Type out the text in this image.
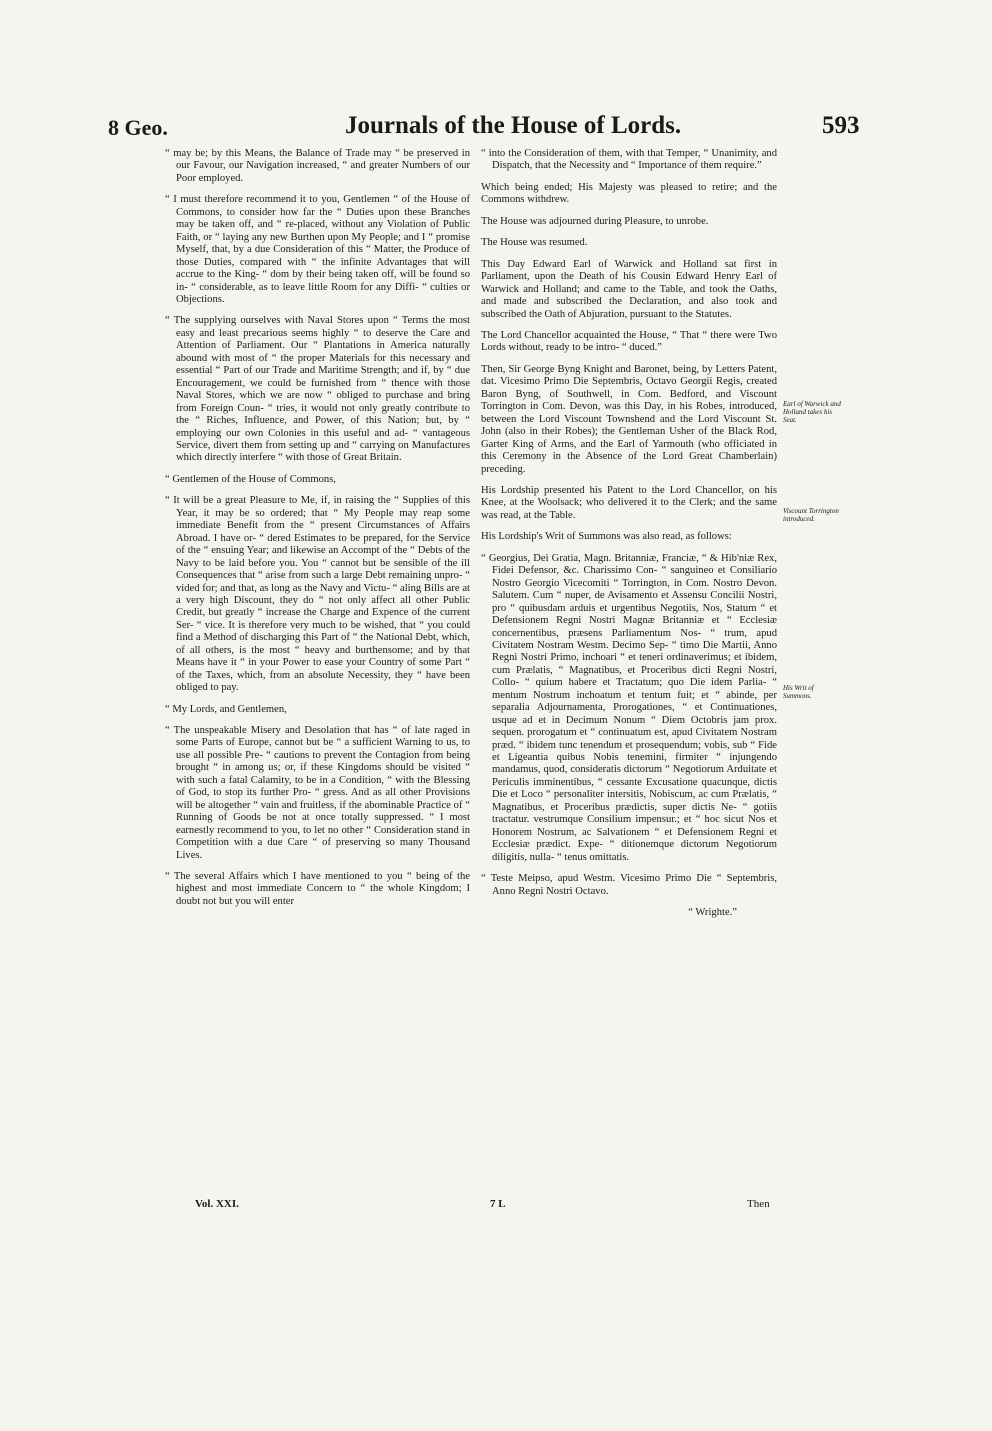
8 Geo.	Journals of the House of Lords.	593

“ may be; by this Means, the Balance of Trade may “ be preserved in our Favour, our Navigation increased, “ and greater Numbers of our Poor employed.

“ I must therefore recommend it to you, Gentlemen “ of the House of Commons, to consider how far the “ Duties upon these Branches may be taken off, and “ re-placed, without any Violation of Public Faith, or “ laying any new Burthen upon My People; and I “ promise Myself, that, by a due Consideration of this “ Matter, the Produce of those Duties, compared with “ the infinite Advantages that will accrue to the King- “ dom by their being taken off, will be found so in- “ considerable, as to leave little Room for any Diffi- “ culties or Objections.

“ The supplying ourselves with Naval Stores upon “ Terms the most easy and least precarious seems highly “ to deserve the Care and Attention of Parliament. Our “ Plantations in America naturally abound with most of “ the proper Materials for this necessary and essential “ Part of our Trade and Maritime Strength; and if, by “ due Encouragement, we could be furnished from “ thence with those Naval Stores, which we are now “ obliged to purchase and bring from Foreign Coun- “ tries, it would not only greatly contribute to the “ Riches, Influence, and Power, of this Nation; but, by “ employing our own Colonies in this useful and ad- “ vantageous Service, divert them from setting up and “ carrying on Manufactures which directly interfere “ with those of Great Britain.

“ Gentlemen of the House of Commons,

“ It will be a great Pleasure to Me, if, in raising the “ Supplies of this Year, it may be so ordered; that “ My People may reap some immediate Benefit from the “ present Circumstances of Affairs Abroad. I have or- “ dered Estimates to be prepared, for the Service of the “ ensuing Year; and likewise an Accompt of the “ Debts of the Navy to be laid before you. You “ cannot but be sensible of the ill Consequences that “ arise from such a large Debt remaining unpro- “ vided for; and that, as long as the Navy and Victu- “ aling Bills are at a very high Discount, they do “ not only affect all other Public Credit, but greatly “ increase the Charge and Expence of the current Ser- “ vice. It is therefore very much to be wished, that “ you could find a Method of discharging this Part of “ the National Debt, which, of all others, is the most “ heavy and burthensome; and by that Means have it “ in your Power to ease your Country of some Part “ of the Taxes, which, from an absolute Necessity, they “ have been obliged to pay.

“ My Lords, and Gentlemen,

“ The unspeakable Misery and Desolation that has “ of late raged in some Parts of Europe, cannot but be “ a sufficient Warning to us, to use all possible Pre- “ cautions to prevent the Contagion from being brought “ in among us; or, if these Kingdoms should be visited “ with such a fatal Calamity, to be in a Condition, “ with the Blessing of God, to stop its further Pro- “ gress. And as all other Provisions will be altogether “ vain and fruitless, if the abominable Practice of “ Running of Goods be not at once totally suppressed. “ I most earnestly recommend to you, to let no other “ Consideration stand in Competition with a due Care “ of preserving so many Thousand Lives.

“ The several Affairs which I have mentioned to you “ being of the highest and most immediate Concern to “ the whole Kingdom; I doubt not but you will enter

“ into the Consideration of them, with that Temper, “ Unanimity, and Dispatch, that the Necessity and “ Importance of them require.”

Which being ended; His Majesty was pleased to retire; and the Commons withdrew.

The House was adjourned during Pleasure, to unrobe.

The House was resumed.

This Day Edward Earl of Warwick and Holland sat first in Parliament, upon the Death of his Cousin Edward Henry Earl of Warwick and Holland; and came to the Table, and took the Oaths, and made and subscribed the Declaration, and also took and subscribed the Oath of Abjuration, pursuant to the Statutes.

The Lord Chancellor acquainted the House, “ That “ there were Two Lords without, ready to be intro- “ duced.”

Then, Sir George Byng Knight and Baronet, being, by Letters Patent, dat. Vicesimo Primo Die Septembris, Octavo Georgii Regis, created Baron Byng, of Southwell, in Com. Bedford, and Viscount Torrington in Com. Devon, was this Day, in his Robes, introduced, between the Lord Viscount Townshend and the Lord Viscount St. John (also in their Robes); the Gentleman Usher of the Black Rod, Garter King of Arms, and the Earl of Yarmouth (who officiated in this Ceremony in the Absence of the Lord Great Chamberlain) preceding.

His Lordship presented his Patent to the Lord Chancellor, on his Knee, at the Woolsack; who delivered it to the Clerk; and the same was read, at the Table.

His Lordship's Writ of Summons was also read, as follows:

“ Georgius, Dei Gratia, Magn. Britanniæ, Franciæ, “ & Hib'niæ Rex, Fidei Defensor, &c. Charissimo Con- “ sanguineo et Consiliario Nostro Georgio Vicecomiti “ Torrington, in Com. Nostro Devon. Salutem. Cum “ nuper, de Avisamento et Assensu Concilii Nostri, pro “ quibusdam arduis et urgentibus Negotiis, Nos, Statum “ et Defensionem Regni Nostri Magnæ Britanniæ et “ Ecclesiæ concernentibus, præsens Parliamentum Nos- “ trum, apud Civitatem Nostram Westm. Decimo Sep- “ timo Die Martii, Anno Regni Nostri Primo, inchoari “ et teneri ordinaverimus; et ibidem, cum Prælatis, “ Magnatibus, et Proceribus dicti Regni Nostri, Collo- “ quium habere et Tractatum; quo Die idem Parlia- “ mentum Nostrum inchoatum et tentum fuit; et “ abinde, per separalia Adjournamenta, Prorogationes, “ et Continuationes, usque ad et in Decimum Nonum “ Diem Octobris jam prox. sequen. prorogatum et “ continuatum est, apud Civitatem Nostram præd. “ ibidem tunc tenendum et prosequendum; vobis, sub “ Fide et Ligeantia quibus Nobis tenemini, firmiter “ injungendo mandamus, quod, consideratis dictorum “ Negotiorum Arduitate et Periculis imminentibus, “ cessante Excusatione quacunque, dictis Die et Loco “ personaliter intersitis, Nobiscum, ac cum Prælatis, “ Magnatibus, et Proceribus prædictis, super dictis Ne- “ gotiis tractatur. vestrumque Consilium impensur.; et “ hoc sicut Nos et Honorem Nostrum, ac Salvationem “ et Defensionem Regni et Ecclesiæ prædict. Expe- “ ditionemque dictorum Negotiorum diligitis, nulla- “ tenus omittatis.

“ Teste Meipso, apud Westm. Vicesimo Primo Die “ Septembris, Anno Regni Nostri Octavo.

“ Wrighte.”

Earl of Warwick and Holland takes his Seat.
Viscount Torrington introduced.
His Writ of Summons.
Vol. XXI.	7 L	Then
